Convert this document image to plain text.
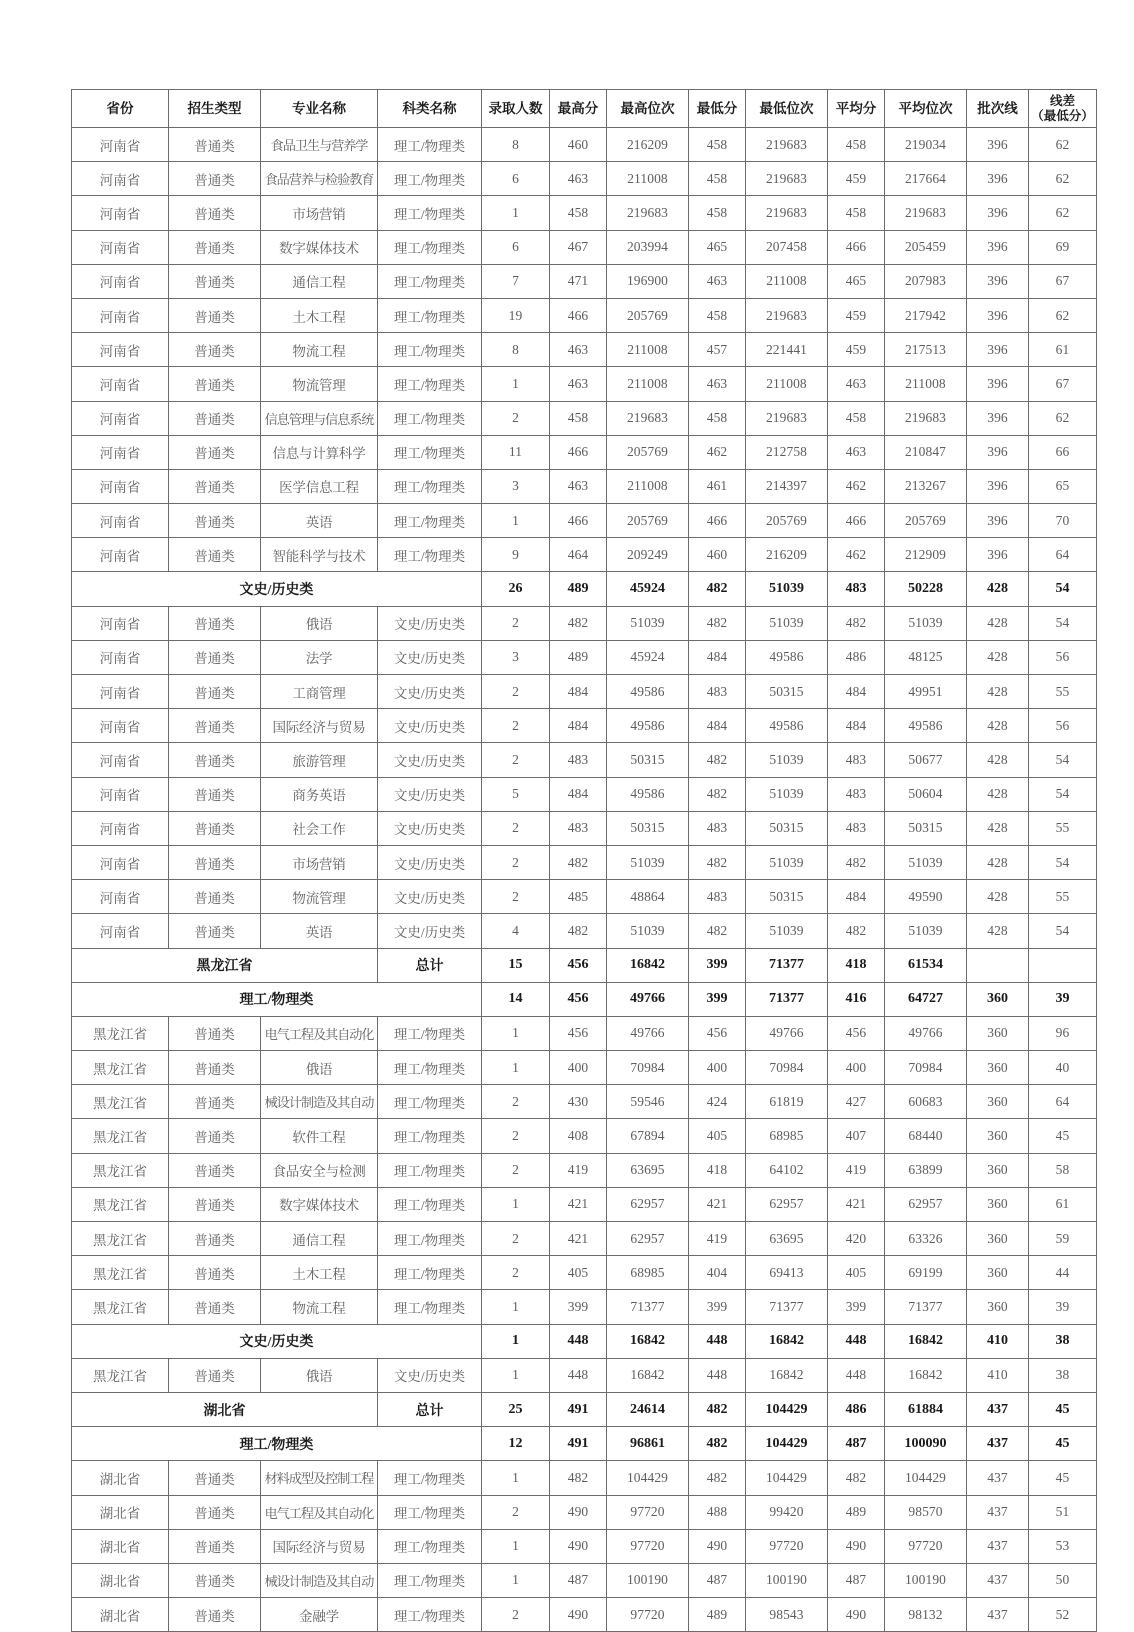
省份	招生类型	专业名称	科类名称	录取人数	最高分	最高位次	最低分	最低位次	平均分	平均位次	批次线	线差
（最低分）
河南省	普通类	食品卫生与营养学	理工/物理类	8	460	216209	458	219683	458	219034	396	62
河南省	普通类	食品营养与检验教育	理工/物理类	6	463	211008	458	219683	459	217664	396	62
河南省	普通类	市场营销	理工/物理类	1	458	219683	458	219683	458	219683	396	62
河南省	普通类	数字媒体技术	理工/物理类	6	467	203994	465	207458	466	205459	396	69
河南省	普通类	通信工程	理工/物理类	7	471	196900	463	211008	465	207983	396	67
河南省	普通类	土木工程	理工/物理类	19	466	205769	458	219683	459	217942	396	62
河南省	普通类	物流工程	理工/物理类	8	463	211008	457	221441	459	217513	396	61
河南省	普通类	物流管理	理工/物理类	1	463	211008	463	211008	463	211008	396	67
河南省	普通类	信息管理与信息系统	理工/物理类	2	458	219683	458	219683	458	219683	396	62
河南省	普通类	信息与计算科学	理工/物理类	11	466	205769	462	212758	463	210847	396	66
河南省	普通类	医学信息工程	理工/物理类	3	463	211008	461	214397	462	213267	396	65
河南省	普通类	英语	理工/物理类	1	466	205769	466	205769	466	205769	396	70
河南省	普通类	智能科学与技术	理工/物理类	9	464	209249	460	216209	462	212909	396	64
文史/历史类				26	489	45924	482	51039	483	50228	428	54
河南省	普通类	俄语	文史/历史类	2	482	51039	482	51039	482	51039	428	54
河南省	普通类	法学	文史/历史类	3	489	45924	484	49586	486	48125	428	56
河南省	普通类	工商管理	文史/历史类	2	484	49586	483	50315	484	49951	428	55
河南省	普通类	国际经济与贸易	文史/历史类	2	484	49586	484	49586	484	49586	428	56
河南省	普通类	旅游管理	文史/历史类	2	483	50315	482	51039	483	50677	428	54
河南省	普通类	商务英语	文史/历史类	5	484	49586	482	51039	483	50604	428	54
河南省	普通类	社会工作	文史/历史类	2	483	50315	483	50315	483	50315	428	55
河南省	普通类	市场营销	文史/历史类	2	482	51039	482	51039	482	51039	428	54
河南省	普通类	物流管理	文史/历史类	2	485	48864	483	50315	484	49590	428	55
河南省	普通类	英语	文史/历史类	4	482	51039	482	51039	482	51039	428	54
黑龙江省			总计	15	456	16842	399	71377	418	61534		
理工/物理类				14	456	49766	399	71377	416	64727	360	39
黑龙江省	普通类	电气工程及其自动化	理工/物理类	1	456	49766	456	49766	456	49766	360	96
黑龙江省	普通类	俄语	理工/物理类	1	400	70984	400	70984	400	70984	360	40
黑龙江省	普通类	械设计制造及其自动	理工/物理类	2	430	59546	424	61819	427	60683	360	64
黑龙江省	普通类	软件工程	理工/物理类	2	408	67894	405	68985	407	68440	360	45
黑龙江省	普通类	食品安全与检测	理工/物理类	2	419	63695	418	64102	419	63899	360	58
黑龙江省	普通类	数字媒体技术	理工/物理类	1	421	62957	421	62957	421	62957	360	61
黑龙江省	普通类	通信工程	理工/物理类	2	421	62957	419	63695	420	63326	360	59
黑龙江省	普通类	土木工程	理工/物理类	2	405	68985	404	69413	405	69199	360	44
黑龙江省	普通类	物流工程	理工/物理类	1	399	71377	399	71377	399	71377	360	39
文史/历史类				1	448	16842	448	16842	448	16842	410	38
黑龙江省	普通类	俄语	文史/历史类	1	448	16842	448	16842	448	16842	410	38
湖北省			总计	25	491	24614	482	104429	486	61884	437	45
理工/物理类				12	491	96861	482	104429	487	100090	437	45
湖北省	普通类	材料成型及控制工程	理工/物理类	1	482	104429	482	104429	482	104429	437	45
湖北省	普通类	电气工程及其自动化	理工/物理类	2	490	97720	488	99420	489	98570	437	51
湖北省	普通类	国际经济与贸易	理工/物理类	1	490	97720	490	97720	490	97720	437	53
湖北省	普通类	械设计制造及其自动	理工/物理类	1	487	100190	487	100190	487	100190	437	50
湖北省	普通类	金融学	理工/物理类	2	490	97720	489	98543	490	98132	437	52
